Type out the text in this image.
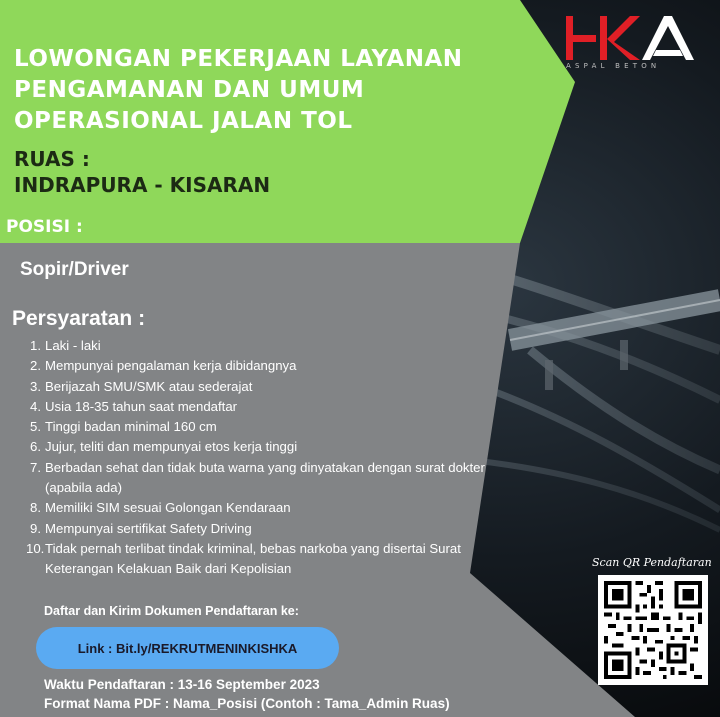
LOWONGAN PEKERJAAN LAYANAN
PENGAMANAN DAN UMUM
OPERASIONAL JALAN TOL
RUAS :
INDRAPURA - KISARAN
POSISI :
Sopir/Driver
Persyaratan :
1. Laki - laki
2. Mempunyai pengalaman kerja dibidangnya
3. Berijazah SMU/SMK atau sederajat
4. Usia 18-35 tahun saat mendaftar
5. Tinggi badan minimal 160 cm
6. Jujur, teliti dan mempunyai etos kerja tinggi
7. Berbadan sehat dan tidak buta warna yang dinyatakan dengan surat dokter (apabila ada)
8. Memiliki SIM sesuai Golongan Kendaraan
9. Mempunyai sertifikat Safety Driving
10. Tidak pernah terlibat tindak kriminal, bebas narkoba yang disertai Surat Keterangan Kelakuan Baik dari Kepolisian
Daftar dan Kirim Dokumen Pendaftaran ke:
Link : Bit.ly/REKRUTMENINKISHKA
Waktu Pendaftaran : 13-16 September 2023
Format Nama PDF : Nama_Posisi (Contoh : Tama_Admin Ruas)
ASPAL BETON
Scan QR Pendaftaran
